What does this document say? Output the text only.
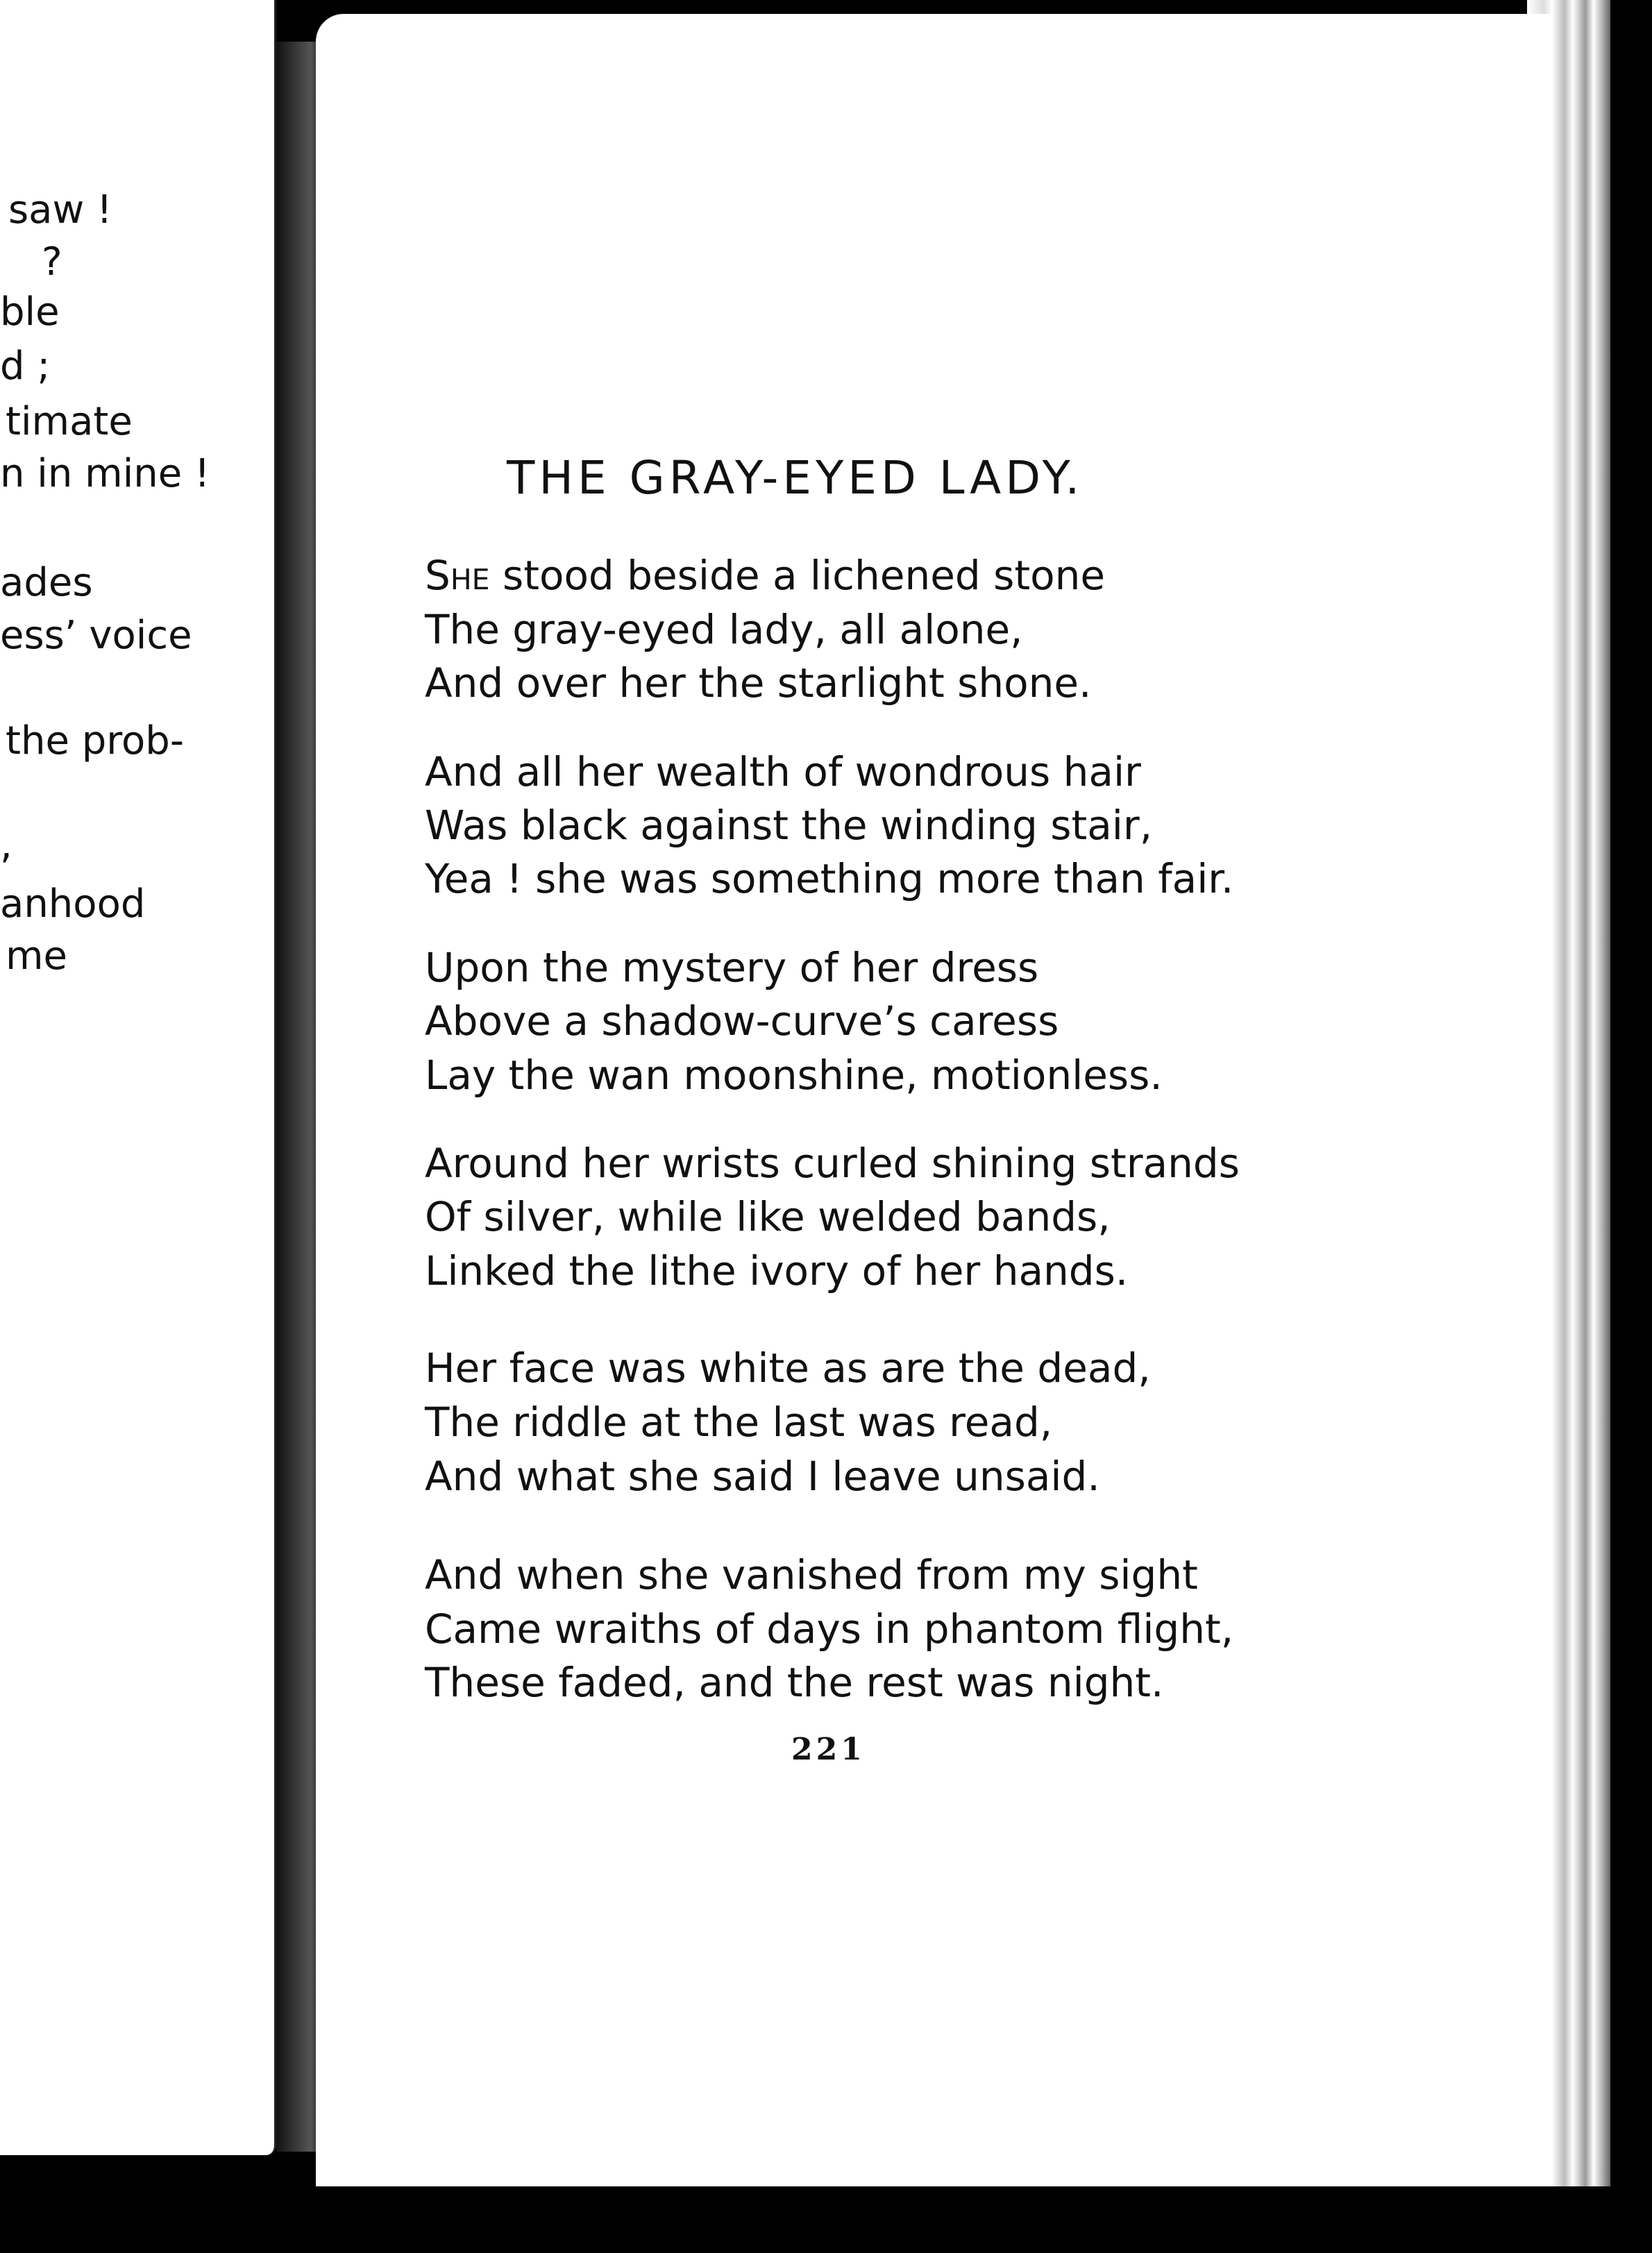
saw !
?
ble
d ;
timate
n in mine !
ades
ess’ voice
the prob-
,
anhood
me
THE GRAY-EYED LADY.
She stood beside a lichened stone
The gray-eyed lady, all alone,
And over her the starlight shone.
And all her wealth of wondrous hair
Was black against the winding stair,
Yea ! she was something more than fair.
Upon the mystery of her dress
Above a shadow-curve’s caress
Lay the wan moonshine, motionless.
Around her wrists curled shining strands
Of silver, while like welded bands,
Linked the lithe ivory of her hands.
Her face was white as are the dead,
The riddle at the last was read,
And what she said I leave unsaid.
And when she vanished from my sight
Came wraiths of days in phantom flight,
These faded, and the rest was night.
221
